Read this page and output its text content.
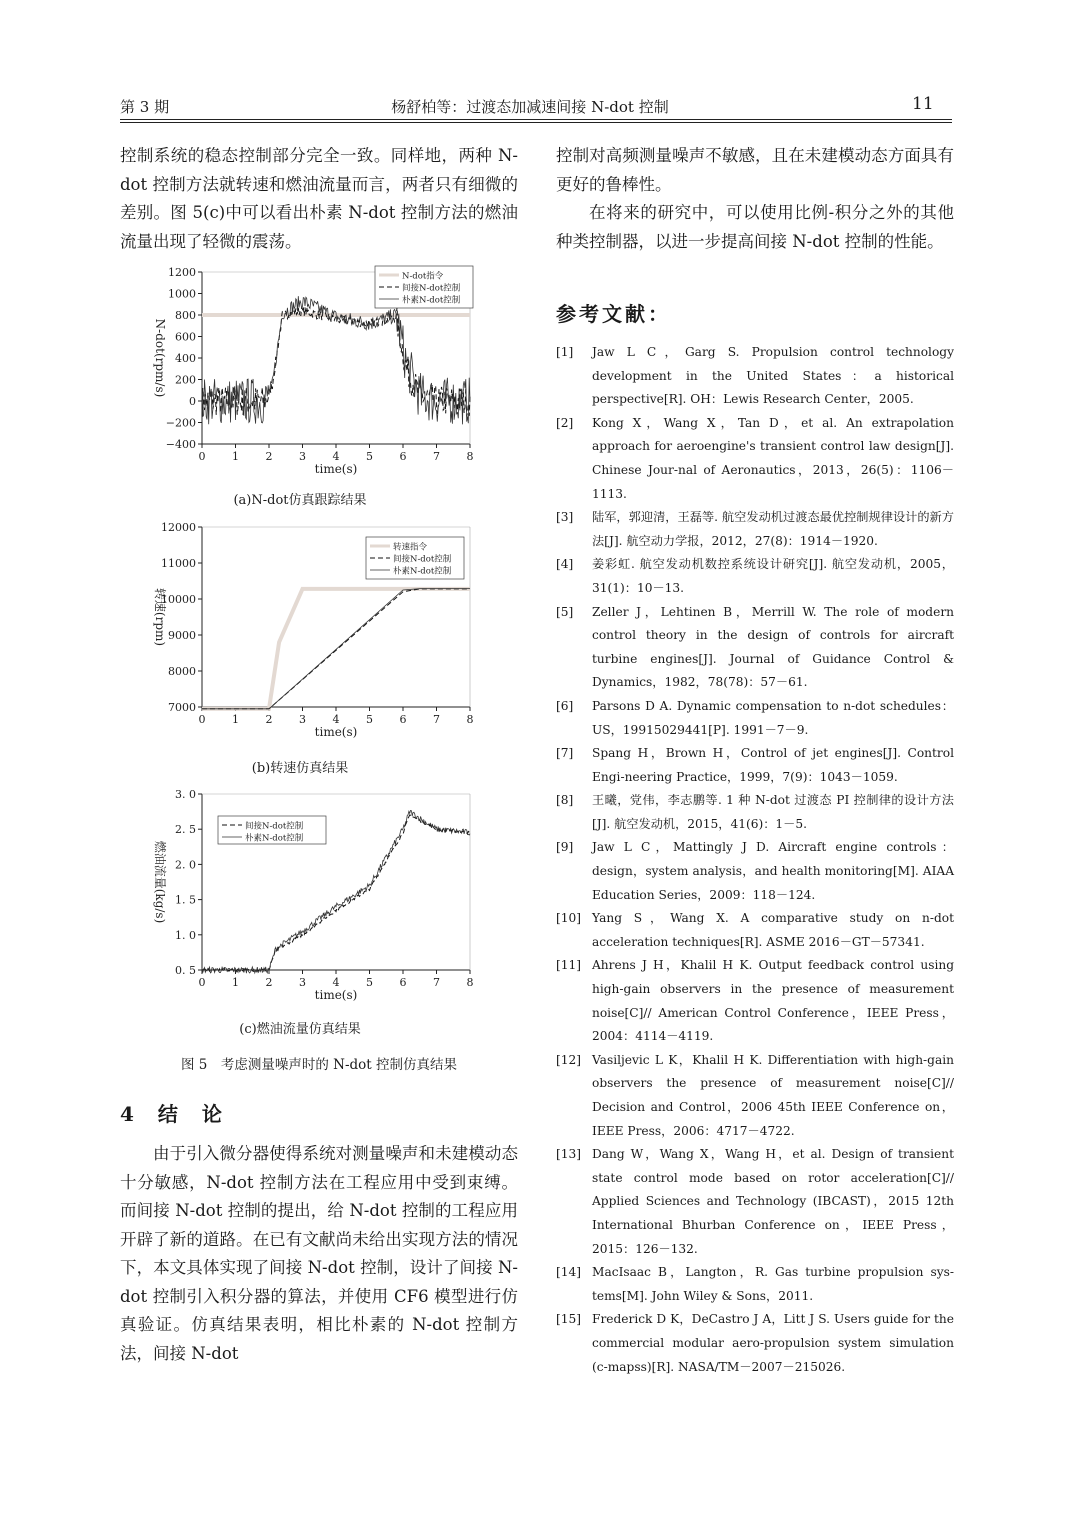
第 3 期	杨舒柏等：过渡态加减速间接 N-dot 控制	11

控制系统的稳态控制部分完全一致。同样地，两种 N-dot 控制方法就转速和燃油流量而言，两者只有细微的差别。图 5(c)中可以看出朴素 N-dot 控制方法的燃油流量出现了轻微的震荡。

1200
1000
800
600
400
200
0
−200
−400
0 1 2 3 4 5 6 7 8
time(s)
N-dot(rpm/s)
N-dot指令
间接N-dot控制
朴素N-dot控制
(a)N-dot仿真跟踪结果
12000
11000
10000
9000
8000
7000
0 1 2 3 4 5 6 7 8
time(s)
转速(rpm)
转速指令
间接N-dot控制
朴素N-dot控制
(b)转速仿真结果
3. 0
2. 5
2. 0
1. 5
1. 0
0. 5
0 1 2 3 4 5 6 7 8
time(s)
燃油流量(kg/s)
间接N-dot控制
朴素N-dot控制
(c)燃油流量仿真结果
图 5　考虑测量噪声时的 N-dot 控制仿真结果
4　结　论

由于引入微分器使得系统对测量噪声和未建模动态十分敏感，N-dot 控制方法在工程应用中受到束缚。而间接 N-dot 控制的提出，给 N-dot 控制的工程应用开辟了新的道路。在已有文献尚未给出实现方法的情况下，本文具体实现了间接 N-dot 控制，设计了间接 N-dot 控制引入积分器的算法，并使用 CF6 模型进行仿真验证。仿真结果表明，相比朴素的 N-dot 控制方法，间接 N-dot

控制对高频测量噪声不敏感，且在未建模动态方面具有更好的鲁棒性。

在将来的研究中，可以使用比例-积分之外的其他种类控制器，以进一步提高间接 N-dot 控制的性能。

参考文献：
[1]	Jaw L C，Garg S. Propulsion control technology development in the United States：a historical perspective[R]. OH：Lewis Research Center，2005.
[2]	Kong X，Wang X，Tan D，et al. An extrapolation approach for aeroengine's transient control law design[J]. Chinese Jour-nal of Aeronautics，2013，26(5)：1106－1113.
[3]	陆军，郭迎清，王磊等. 航空发动机过渡态最优控制规律设计的新方法[J]. 航空动力学报，2012，27(8)：1914－1920.
[4]	姜彩虹. 航空发动机数控系统设计研究[J]. 航空发动机，2005，31(1)：10－13.
[5]	Zeller J，Lehtinen B，Merrill W. The role of modern control theory in the design of controls for aircraft turbine engines[J]. Journal of Guidance Control & Dynamics，1982，78(78)：57－61.
[6]	Parsons D A. Dynamic compensation to n-dot schedules：US，19915029441[P]. 1991－7－9.
[7]	Spang H，Brown H，Control of jet engines[J]. Control Engi-neering Practice，1999，7(9)：1043－1059.
[8]	王曦，党伟，李志鹏等. 1 种 N-dot 过渡态 PI 控制律的设计方法[J]. 航空发动机，2015，41(6)：1－5.
[9]	Jaw L C，Mattingly J D. Aircraft engine controls：design，system analysis，and health monitoring[M]. AIAA Education Series，2009：118－124.
[10] Yang S，Wang X. A comparative study on n-dot acceleration techniques[R]. ASME 2016－GT－57341.
[11] Ahrens J H，Khalil H K. Output feedback control using high-gain observers in the presence of measurement noise[C]// American Control Conference，IEEE Press，2004：4114－4119.
[12] Vasiljevic L K，Khalil H K. Differentiation with high-gain observers the presence of measurement noise[C]// Decision and Control，2006 45th IEEE Conference on，IEEE Press，2006：4717－4722.
[13] Dang W，Wang X，Wang H，et al. Design of transient state control mode based on rotor acceleration[C]// Applied Sciences and Technology (IBCAST)，2015 12th International Bhurban Conference on，IEEE Press，2015：126－132.
[14] MacIsaac B，Langton，R. Gas turbine propulsion sys-tems[M]. John Wiley & Sons，2011.
[15] Frederick D K，DeCastro J A，Litt J S. Users guide for the commercial modular aero-propulsion system simulation (c-mapss)[R]. NASA/TM－2007－215026.
